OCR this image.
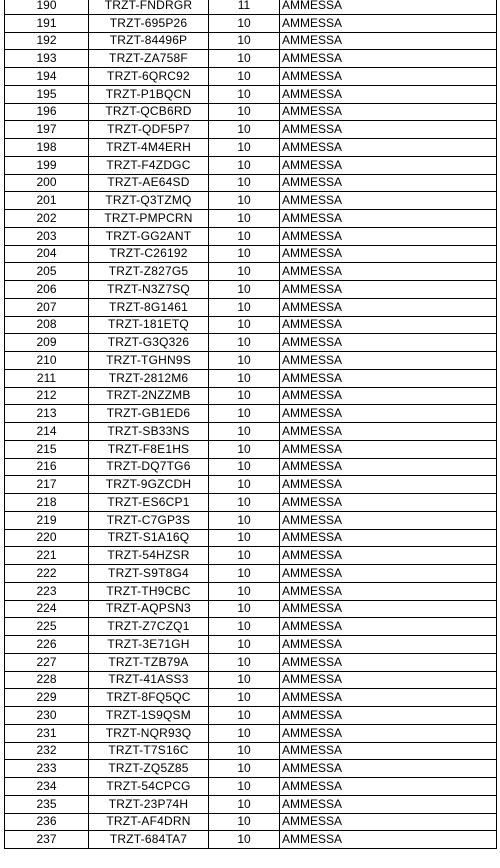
190	TRZT-FNDRGR	11	AMMESSA
191	TRZT-695P26	10	AMMESSA
192	TRZT-84496P	10	AMMESSA
193	TRZT-ZA758F	10	AMMESSA
194	TRZT-6QRC92	10	AMMESSA
195	TRZT-P1BQCN	10	AMMESSA
196	TRZT-QCB6RD	10	AMMESSA
197	TRZT-QDF5P7	10	AMMESSA
198	TRZT-4M4ERH	10	AMMESSA
199	TRZT-F4ZDGC	10	AMMESSA
200	TRZT-AE64SD	10	AMMESSA
201	TRZT-Q3TZMQ	10	AMMESSA
202	TRZT-PMPCRN	10	AMMESSA
203	TRZT-GG2ANT	10	AMMESSA
204	TRZT-C26192	10	AMMESSA
205	TRZT-Z827G5	10	AMMESSA
206	TRZT-N3Z7SQ	10	AMMESSA
207	TRZT-8G1461	10	AMMESSA
208	TRZT-181ETQ	10	AMMESSA
209	TRZT-G3Q326	10	AMMESSA
210	TRZT-TGHN9S	10	AMMESSA
211	TRZT-2812M6	10	AMMESSA
212	TRZT-2NZZMB	10	AMMESSA
213	TRZT-GB1ED6	10	AMMESSA
214	TRZT-SB33NS	10	AMMESSA
215	TRZT-F8E1HS	10	AMMESSA
216	TRZT-DQ7TG6	10	AMMESSA
217	TRZT-9GZCDH	10	AMMESSA
218	TRZT-ES6CP1	10	AMMESSA
219	TRZT-C7GP3S	10	AMMESSA
220	TRZT-S1A16Q	10	AMMESSA
221	TRZT-54HZSR	10	AMMESSA
222	TRZT-S9T8G4	10	AMMESSA
223	TRZT-TH9CBC	10	AMMESSA
224	TRZT-AQPSN3	10	AMMESSA
225	TRZT-Z7CZQ1	10	AMMESSA
226	TRZT-3E71GH	10	AMMESSA
227	TRZT-TZB79A	10	AMMESSA
228	TRZT-41ASS3	10	AMMESSA
229	TRZT-8FQ5QC	10	AMMESSA
230	TRZT-1S9QSM	10	AMMESSA
231	TRZT-NQR93Q	10	AMMESSA
232	TRZT-T7S16C	10	AMMESSA
233	TRZT-ZQ5Z85	10	AMMESSA
234	TRZT-54CPCG	10	AMMESSA
235	TRZT-23P74H	10	AMMESSA
236	TRZT-AF4DRN	10	AMMESSA
237	TRZT-684TA7	10	AMMESSA
